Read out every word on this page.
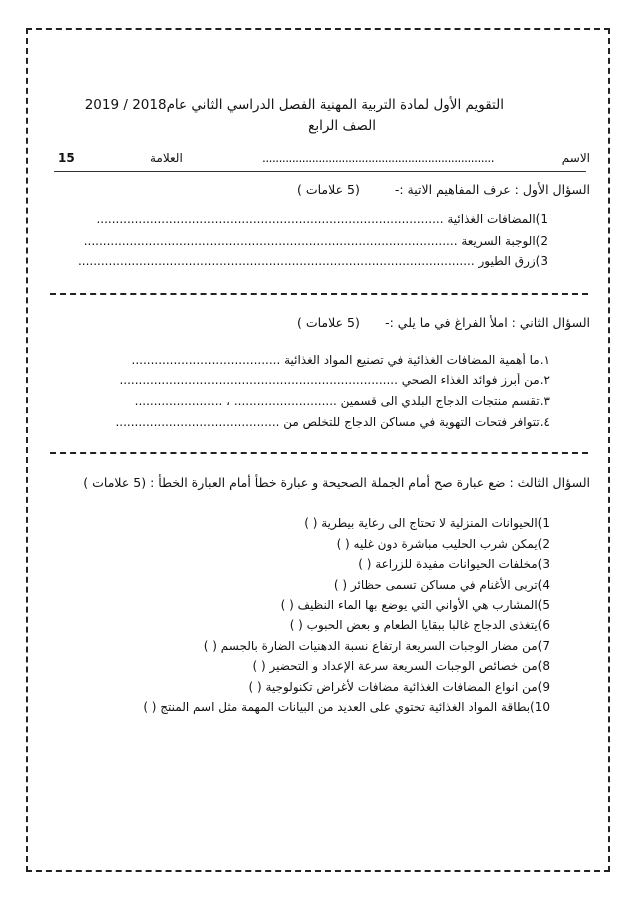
التقويم الأول لمادة التربية المهنية الفصل الدراسي الثاني عام2018 / 2019
الصف الرابع
الاسم
......................................................................
العلامة
15
السؤال الأول : عرف المفاهيم الاتية :-
(5 علامات )
1)المضافات الغذائية ...........................................................................................
2)الوجبة السريعة ..................................................................................................
3)زرق الطيور ........................................................................................................
السؤال الثاني : املأ الفراغ في ما يلي :-
(5 علامات )
١.ما أهمية المضافات الغذائية في تصنيع المواد الغذائية .......................................
٢.من أبرز فوائد الغذاء الصحي .........................................................................
٣.تقسم منتجات الدجاج البلدي الى قسمين ........................... ، .......................
٤.تتوافر فتحات التهوية في مساكن الدجاج للتخلص من ...........................................
السؤال الثالث : ضع عبارة صح أمام الجملة الصحيحة و عبارة خطأ أمام العبارة الخطأ : (5 علامات )
1)الحيوانات المنزلية لا تحتاج الى رعاية بيطرية ( )
2)يمكن شرب الحليب مباشرة دون غليه ( )
3)مخلفات الحيوانات مفيدة للزراعة ( )
4)تربى الأغنام في مساكن تسمى حظائر ( )
5)المشارب هي الأواني التي يوضع بها الماء النظيف ( )
6)يتغذى الدجاج غالبا ببقايا الطعام و بعض الحبوب ( )
7)من مضار الوجبات السريعة ارتفاع نسبة الدهنيات الضارة بالجسم ( )
8)من خصائص الوجبات السريعة سرعة الإعداد و التحضير ( )
9)من انواع المضافات الغذائية مضافات لأغراض تكنولوجية ( )
10)بطاقة المواد الغذائية تحتوي على العديد من البيانات المهمة مثل اسم المنتج ( )
